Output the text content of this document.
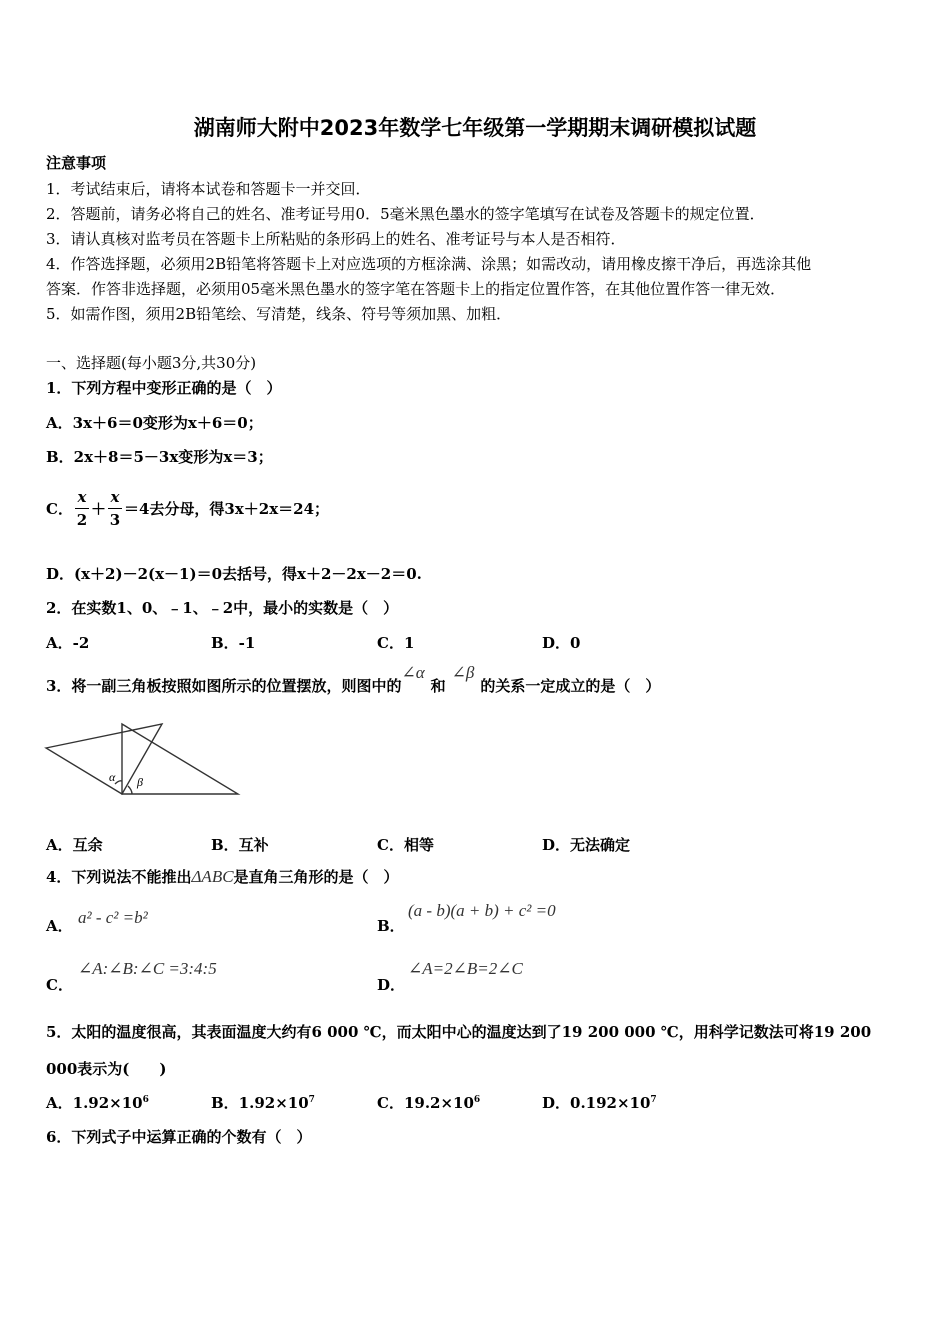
湖南师大附中2023年数学七年级第一学期期末调研模拟试题
注意事项
1．考试结束后，请将本试卷和答题卡一并交回．
2．答题前，请务必将自己的姓名、准考证号用0．5毫米黑色墨水的签字笔填写在试卷及答题卡的规定位置．
3．请认真核对监考员在答题卡上所粘贴的条形码上的姓名、准考证号与本人是否相符．
4．作答选择题，必须用2B铅笔将答题卡上对应选项的方框涂满、涂黑；如需改动，请用橡皮擦干净后，再选涂其他
答案．作答非选择题，必须用05毫米黑色墨水的签字笔在答题卡上的指定位置作答，在其他位置作答一律无效．
5．如需作图，须用2B铅笔绘、写清楚，线条、符号等须加黑、加粗．
一、选择题(每小题3分,共30分)
1．下列方程中变形正确的是（　）
A．3x＋6＝0变形为x＋6＝0；
B．2x＋8＝5－3x变形为x＝3；
C． $\frac{x}{2} + \frac{x}{3} =4$去分母，得3x＋2x＝24；
D．(x＋2)－2(x－1)＝0去括号，得x＋2－2x－2＝0.
2．在实数1、0、﹣1、﹣2中，最小的实数是（　）
A．-2	B．-1	C．1	D．0
3．将一副三角板按照如图所示的位置摆放，则图中的
∠α
和
∠β
的关系一定成立的是（　）
α β
A．互余	B．互补	C．相等	D．无法确定
4．下列说法不能推出 ΔABC 是直角三角形的是（　）
A． a² - c² =b²	B．
(a - b)(a + b) + c² =0
C．
∠A:∠B:∠C =3:4:5
D．
∠A=2∠B=2∠C
5．太阳的温度很高，其表面温度大约有6 000 ℃，而太阳中心的温度达到了19 200 000 ℃，用科学记数法可将19 200
000表示为(　　)
A．$1.92\times 10^6$	B．$1.92\times 10^7$	C．$19.2\times 10^6$	D．$0.192\times 10^7$
6．下列式子中运算正确的个数有（　）
